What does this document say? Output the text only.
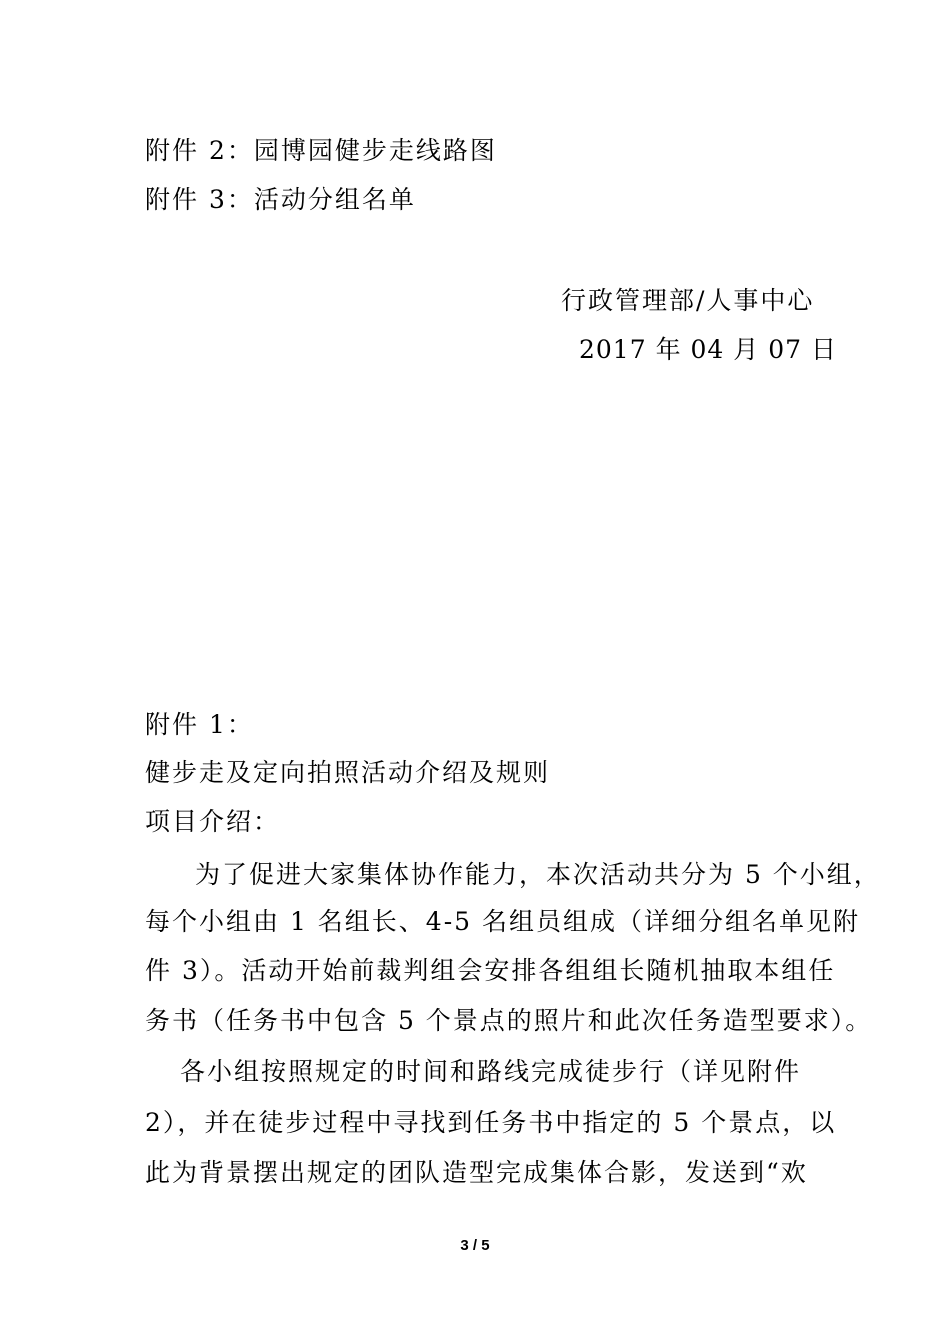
附件 2：园博园健步走线路图
附件 3：活动分组名单
行政管理部/人事中心
2017 年 04 月 07 日
附件 1：
健步走及定向拍照活动介绍及规则
项目介绍：
为了促进大家集体协作能力，本次活动共分为 5 个小组，
每个小组由 1 名组长、4-5 名组员组成（详细分组名单见附
件 3）。活动开始前裁判组会安排各组组长随机抽取本组任
务书（任务书中包含 5 个景点的照片和此次任务造型要求）。
各小组按照规定的时间和路线完成徒步行（详见附件
2），并在徒步过程中寻找到任务书中指定的 5 个景点，以
此为背景摆出规定的团队造型完成集体合影，发送到“欢
3 / 5
